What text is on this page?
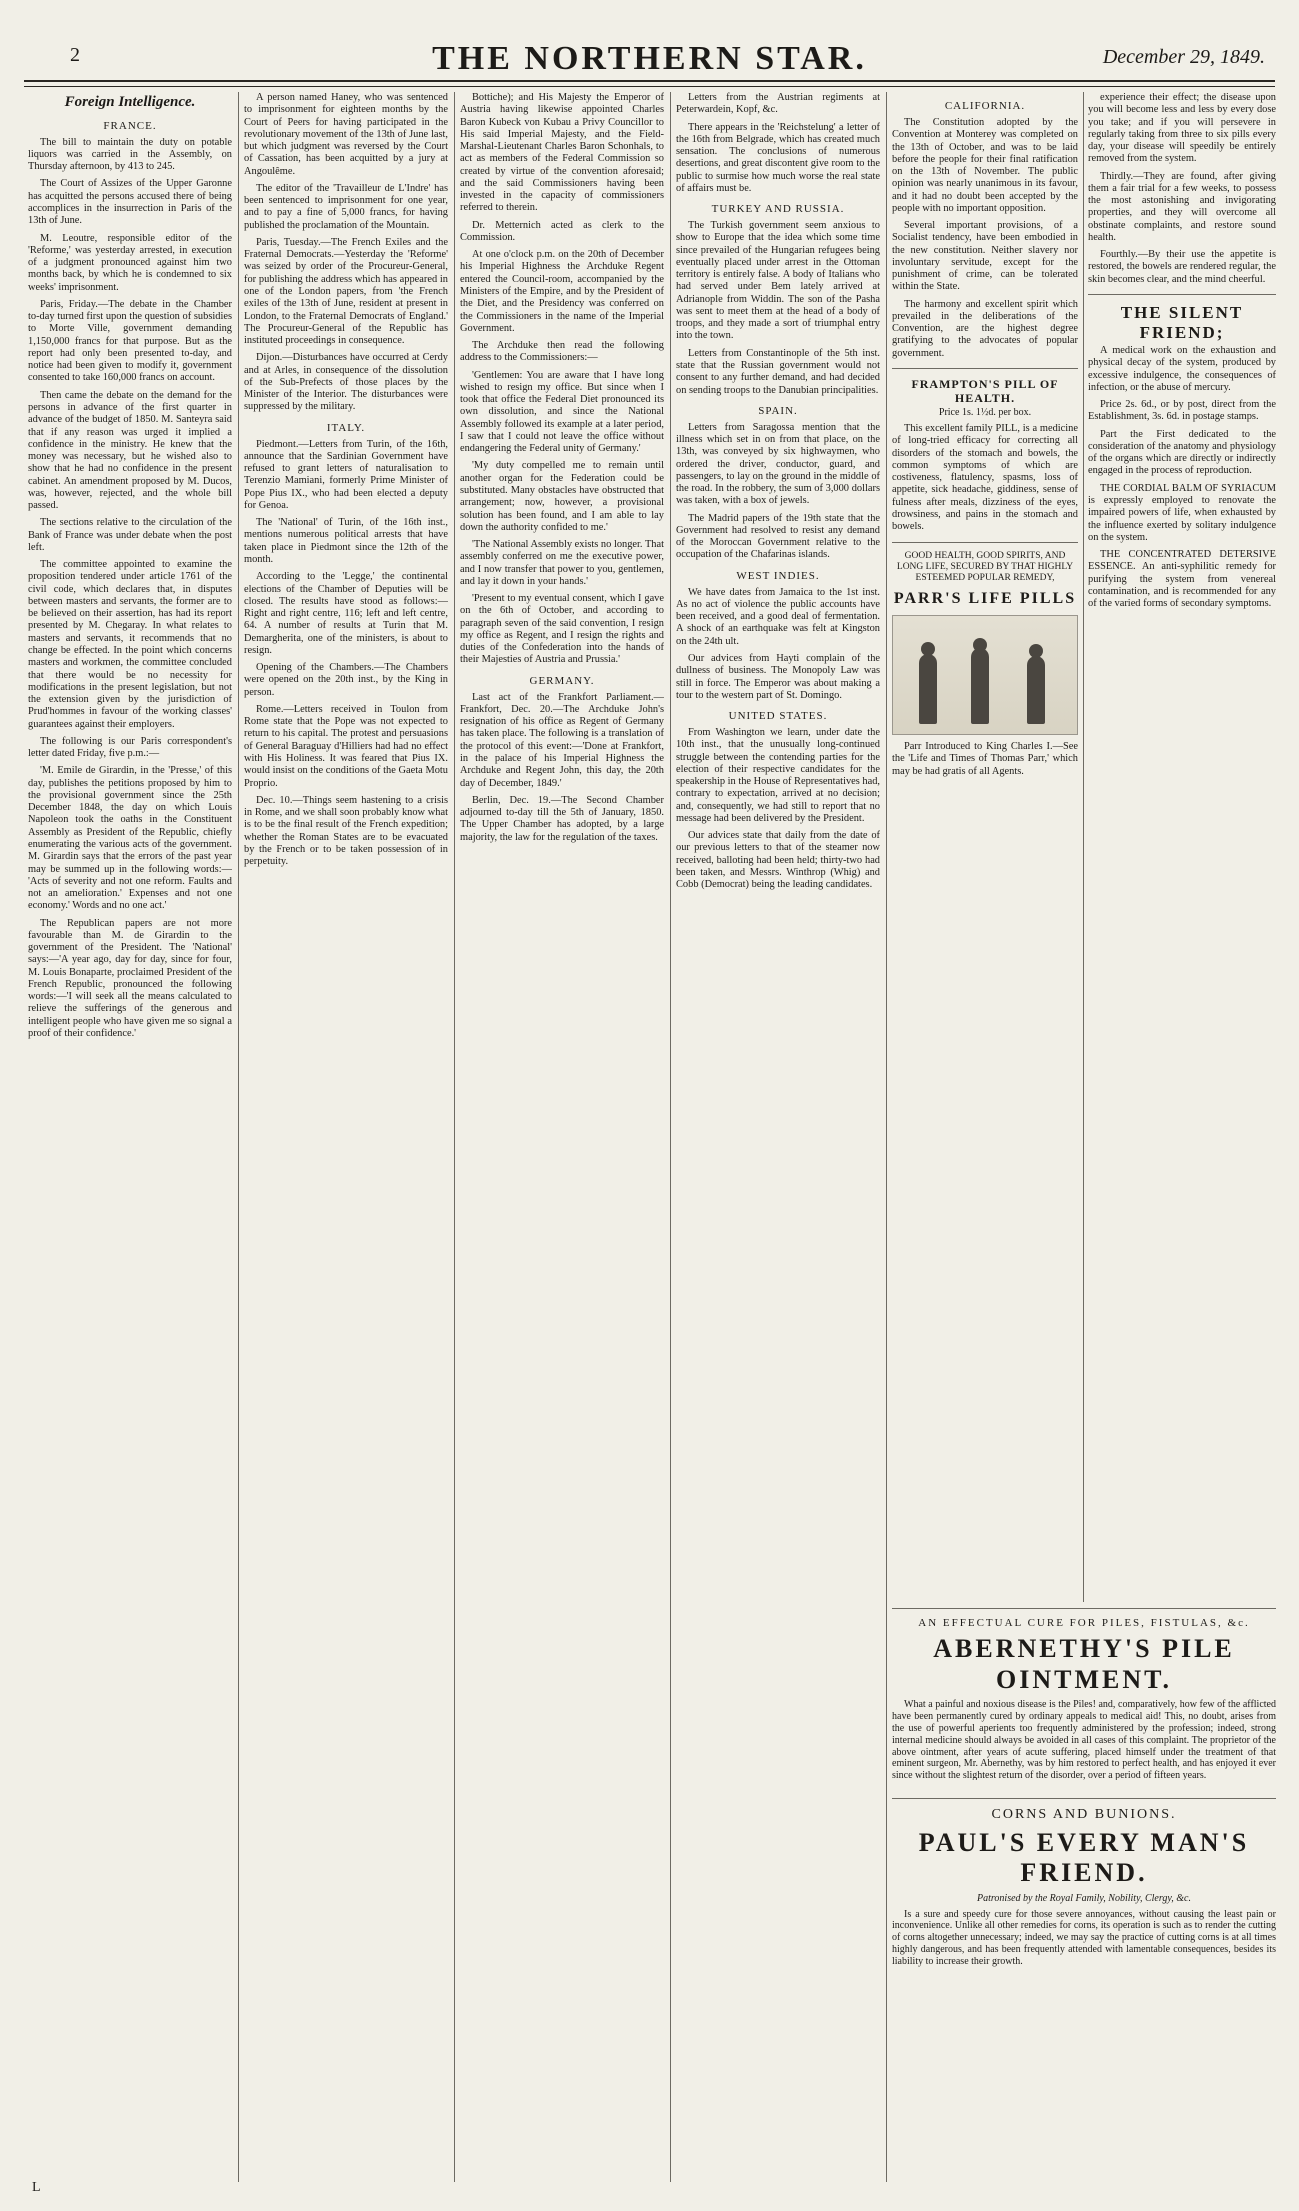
2	THE NORTHERN STAR.	December 29, 1849.
Foreign Intelligence.
FRANCE.

The bill to maintain the duty on potable liquors was carried in the Assembly, on Thursday afternoon, by 413 to 245.

The Court of Assizes of the Upper Garonne has acquitted the persons accused there of being accomplices in the insurrection in Paris of the 13th of June.

M. Leoutre, responsible editor of the 'Reforme,' was yesterday arrested, in execution of a judgment pronounced against him two months back, by which he is condemned to six weeks' imprisonment.

Paris, Friday.—The debate in the Chamber to-day turned first upon the question of subsidies to Morte Ville, government demanding 1,150,000 francs for that purpose. But as the report had only been presented to-day, and notice had been given to modify it, government consented to take 160,000 francs on account.

Then came the debate on the demand for the persons in advance of the first quarter in advance of the budget of 1850. M. Santeyra said that if any reason was urged it implied a confidence in the ministry. He knew that the money was necessary, but he wished also to show that he had no confidence in the present cabinet. An amendment proposed by M. Ducos, was, however, rejected, and the whole bill passed.

The sections relative to the circulation of the Bank of France was under debate when the post left.

The committee appointed to examine the proposition tendered under article 1761 of the civil code, which declares that, in disputes between masters and servants, the former are to be believed on their assertion, has had its report presented by M. Chegaray. In what relates to masters and servants, it recommends that no change be effected. In the point which concerns masters and workmen, the committee concluded that there would be no necessity for modifications in the present legislation, but not the extension given by the jurisdiction of Prud'hommes in favour of the working classes' guarantees against their employers.

The following is our Paris correspondent's letter dated Friday, five p.m.:—

'M. Emile de Girardin, in the 'Presse,' of this day, publishes the petitions proposed by him to the provisional government since the 25th December 1848, the day on which Louis Napoleon took the oaths in the Constituent Assembly as President of the Republic, chiefly enumerating the various acts of the government. M. Girardin says that the errors of the past year may be summed up in the following words:— 'Acts of severity and not one reform. Faults and not an amelioration.' Expenses and not one economy.' Words and no one act.'

The Republican papers are not more favourable than M. de Girardin to the government of the President. The 'National' says:—'A year ago, day for day, since for four, M. Louis Bonaparte, proclaimed President of the French Republic, pronounced the following words:—'I will seek all the means calculated to relieve the sufferings of the generous and intelligent people who have given me so signal a proof of their confidence.'

A person named Haney, who was sentenced to imprisonment for eighteen months by the Court of Peers for having participated in the revolutionary movement of the 13th of June last, but which judgment was reversed by the Court of Cassation, has been acquitted by a jury at Angoulême.

The editor of the 'Travailleur de L'Indre' has been sentenced to imprisonment for one year, and to pay a fine of 5,000 francs, for having published the proclamation of the Mountain.

Paris, Tuesday.—The French Exiles and the Fraternal Democrats.—Yesterday the 'Reforme' was seized by order of the Procureur-General, for publishing the address which has appeared in one of the London papers, from 'the French exiles of the 13th of June, resident at present in London, to the Fraternal Democrats of England.' The Procureur-General of the Republic has instituted proceedings in consequence.

Dijon.—Disturbances have occurred at Cerdy and at Arles, in consequence of the dissolution of the Sub-Prefects of those places by the Minister of the Interior. The disturbances were suppressed by the military.

ITALY.

Piedmont.—Letters from Turin, of the 16th, announce that the Sardinian Government have refused to grant letters of naturalisation to Terenzio Mamiani, formerly Prime Minister of Pope Pius IX., who had been elected a deputy for Genoa.

The 'National' of Turin, of the 16th inst., mentions numerous political arrests that have taken place in Piedmont since the 12th of the month.

According to the 'Legge,' the continental elections of the Chamber of Deputies will be closed. The results have stood as follows:—Right and right centre, 116; left and left centre, 64. A number of results at Turin that M. Demargherita, one of the ministers, is about to resign.

Opening of the Chambers.—The Chambers were opened on the 20th inst., by the King in person.

Rome.—Letters received in Toulon from Rome state that the Pope was not expected to return to his capital. The protest and persuasions of General Baraguay d'Hilliers had had no effect with His Holiness. It was feared that Pius IX. would insist on the conditions of the Gaeta Motu Proprio.

Dec. 10.—Things seem hastening to a crisis in Rome, and we shall soon probably know what is to be the final result of the French expedition; whether the Roman States are to be evacuated by the French or to be taken possession of in perpetuity.

Bottiche); and His Majesty the Emperor of Austria having likewise appointed Charles Baron Kubeck von Kubau a Privy Councillor to His said Imperial Majesty, and the Field-Marshal-Lieutenant Charles Baron Schonhals, to act as members of the Federal Commission so created by virtue of the convention aforesaid; and the said Commissioners having been invested in the capacity of commissioners referred to therein.

Dr. Metternich acted as clerk to the Commission.

At one o'clock p.m. on the 20th of December his Imperial Highness the Archduke Regent entered the Council-room, accompanied by the Ministers of the Empire, and by the President of the Diet, and the Presidency was conferred on the Commissioners in the name of the Imperial Government.

The Archduke then read the following address to the Commissioners:—

'Gentlemen: You are aware that I have long wished to resign my office. But since when I took that office the Federal Diet pronounced its own dissolution, and since the National Assembly followed its example at a later period, I saw that I could not leave the office without endangering the Federal unity of Germany.'

'My duty compelled me to remain until another organ for the Federation could be substituted. Many obstacles have obstructed that arrangement; now, however, a provisional solution has been found, and I am able to lay down the authority confided to me.'

'The National Assembly exists no longer. That assembly conferred on me the executive power, and I now transfer that power to you, gentlemen, and lay it down in your hands.'

'Present to my eventual consent, which I gave on the 6th of October, and according to paragraph seven of the said convention, I resign my office as Regent, and I resign the rights and duties of the Confederation into the hands of their Majesties of Austria and Prussia.'

GERMANY.

Last act of the Frankfort Parliament.—Frankfort, Dec. 20.—The Archduke John's resignation of his office as Regent of Germany has taken place. The following is a translation of the protocol of this event:—'Done at Frankfort, in the palace of his Imperial Highness the Archduke and Regent John, this day, the 20th day of December, 1849.'

Berlin, Dec. 19.—The Second Chamber adjourned to-day till the 5th of January, 1850. The Upper Chamber has adopted, by a large majority, the law for the regulation of the taxes.

Letters from the Austrian regiments at Peterwardein, Kopf, &c.

There appears in the 'Reichstelung' a letter of the 16th from Belgrade, which has created much sensation. The conclusions of numerous desertions, and great discontent give room to the public to surmise how much worse the real state of affairs must be.

TURKEY AND RUSSIA.

The Turkish government seem anxious to show to Europe that the idea which some time since prevailed of the Hungarian refugees being eventually placed under arrest in the Ottoman territory is entirely false. A body of Italians who had served under Bem lately arrived at Adrianople from Widdin. The son of the Pasha was sent to meet them at the head of a body of troops, and they made a sort of triumphal entry into the town.

Letters from Constantinople of the 5th inst. state that the Russian government would not consent to any further demand, and had decided on sending troops to the Danubian principalities.

SPAIN.

Letters from Saragossa mention that the illness which set in on from that place, on the 13th, was conveyed by six highwaymen, who ordered the driver, conductor, guard, and passengers, to lay on the ground in the middle of the road. In the robbery, the sum of 3,000 dollars was taken, with a box of jewels.

The Madrid papers of the 19th state that the Government had resolved to resist any demand of the Moroccan Government relative to the occupation of the Chafarinas islands.

WEST INDIES.

We have dates from Jamaica to the 1st inst. As no act of violence the public accounts have been received, and a good deal of fermentation. A shock of an earthquake was felt at Kingston on the 24th ult.

Our advices from Hayti complain of the dullness of business. The Monopoly Law was still in force. The Emperor was about making a tour to the western part of St. Domingo.

UNITED STATES.

From Washington we learn, under date the 10th inst., that the unusually long-continued struggle between the contending parties for the election of their respective candidates for the speakership in the House of Representatives had, contrary to expectation, arrived at no decision; and, consequently, we had still to report that no message had been delivered by the President.

Our advices state that daily from the date of our previous letters to that of the steamer now received, balloting had been held; thirty-two had been taken, and Messrs. Winthrop (Whig) and Cobb (Democrat) being the leading candidates.

CALIFORNIA.

The Constitution adopted by the Convention at Monterey was completed on the 13th of October, and was to be laid before the people for their final ratification on the 13th of November. The public opinion was nearly unanimous in its favour, and it had no doubt been accepted by the people with no important opposition.

Several important provisions, of a Socialist tendency, have been embodied in the new constitution. Neither slavery nor involuntary servitude, except for the punishment of crime, can be tolerated within the State.

The harmony and excellent spirit which prevailed in the deliberations of the Convention, are the highest degree gratifying to the advocates of popular government.

FRAMPTON'S PILL OF HEALTH.
Price 1s. 1½d. per box.

This excellent family PILL, is a medicine of long-tried efficacy for correcting all disorders of the stomach and bowels, the common symptoms of which are costiveness, flatulency, spasms, loss of appetite, sick headache, giddiness, sense of fulness after meals, dizziness of the eyes, drowsiness, and pains in the stomach and bowels.

GOOD HEALTH, GOOD SPIRITS, AND LONG LIFE, SECURED BY THAT HIGHLY ESTEEMED POPULAR REMEDY,
PARR'S LIFE PILLS

Parr Introduced to King Charles I.—See the 'Life and Times of Thomas Parr,' which may be had gratis of all Agents.

experience their effect; the disease upon you will become less and less by every dose you take; and if you will persevere in regularly taking from three to six pills every day, your disease will speedily be entirely removed from the system.

Thirdly.—They are found, after giving them a fair trial for a few weeks, to possess the most astonishing and invigorating properties, and they will overcome all obstinate complaints, and restore sound health.

Fourthly.—By their use the appetite is restored, the bowels are rendered regular, the skin becomes clear, and the mind cheerful.

THE SILENT FRIEND;

A medical work on the exhaustion and physical decay of the system, produced by excessive indulgence, the consequences of infection, or the abuse of mercury.

Price 2s. 6d., or by post, direct from the Establishment, 3s. 6d. in postage stamps.

Part the First dedicated to the consideration of the anatomy and physiology of the organs which are directly or indirectly engaged in the process of reproduction.

THE CORDIAL BALM OF SYRIACUM is expressly employed to renovate the impaired powers of life, when exhausted by the influence exerted by solitary indulgence on the system.

THE CONCENTRATED DETERSIVE ESSENCE. An anti-syphilitic remedy for purifying the system from venereal contamination, and is recommended for any of the varied forms of secondary symptoms.

AN EFFECTUAL CURE FOR PILES, FISTULAS, &c.
ABERNETHY'S PILE OINTMENT.

What a painful and noxious disease is the Piles! and, comparatively, how few of the afflicted have been permanently cured by ordinary appeals to medical aid! This, no doubt, arises from the use of powerful aperients too frequently administered by the profession; indeed, strong internal medicine should always be avoided in all cases of this complaint. The proprietor of the above ointment, after years of acute suffering, placed himself under the treatment of that eminent surgeon, Mr. Abernethy, was by him restored to perfect health, and has enjoyed it ever since without the slightest return of the disorder, over a period of fifteen years.

CORNS AND BUNIONS.
PAUL'S EVERY MAN'S FRIEND.
Patronised by the Royal Family, Nobility, Clergy, &c.

Is a sure and speedy cure for those severe annoyances, without causing the least pain or inconvenience. Unlike all other remedies for corns, its operation is such as to render the cutting of corns altogether unnecessary; indeed, we may say the practice of cutting corns is at all times highly dangerous, and has been frequently attended with lamentable consequences, besides its liability to increase their growth.

L
